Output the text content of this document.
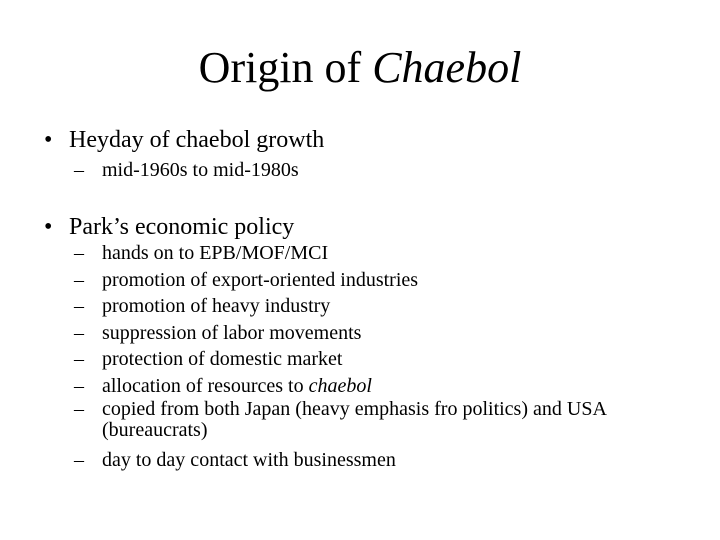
Origin of Chaebol
• Heyday of chaebol growth
– mid-1960s to mid-1980s
• Park’s economic policy
– hands on to EPB/MOF/MCI
– promotion of export-oriented industries
– promotion of heavy industry
– suppression of labor movements
– protection of domestic market
– allocation of resources to chaebol
– copied from both Japan (heavy emphasis fro politics) and USA (bureaucrats)
– day to day contact with businessmen
